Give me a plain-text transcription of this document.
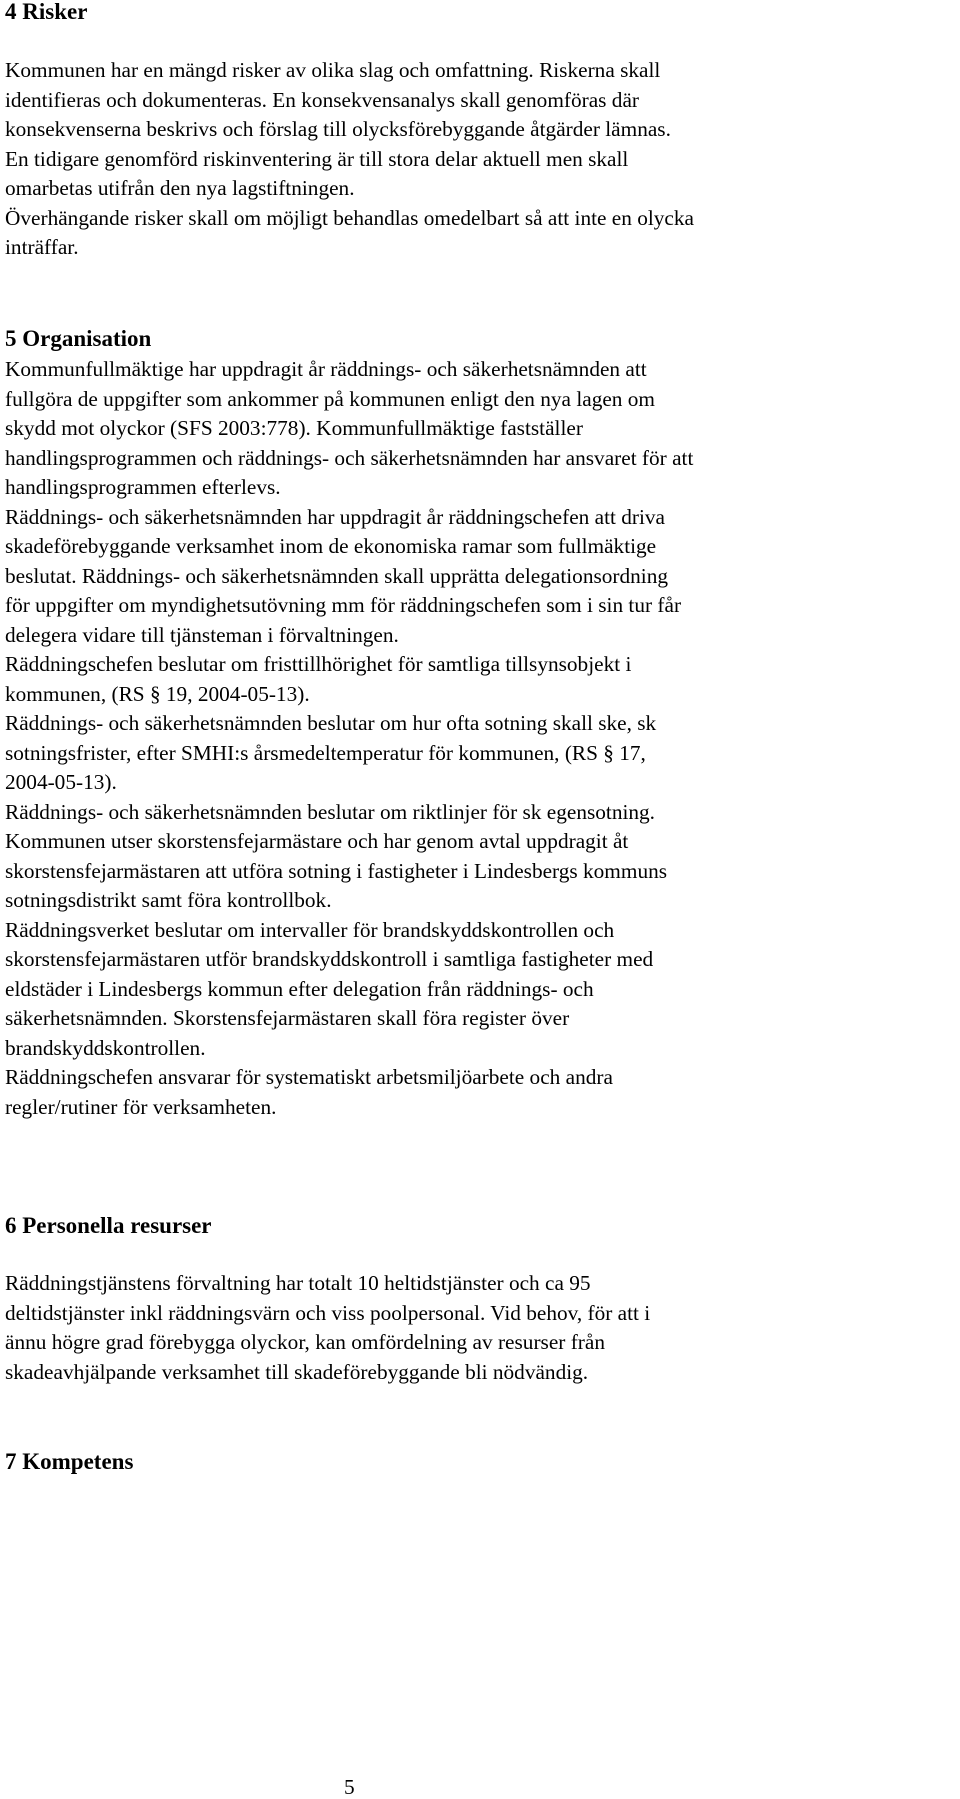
4 Risker

Kommunen har en mängd risker av olika slag och omfattning. Riskerna skall
identifieras och dokumenteras. En konsekvensanalys skall genomföras där
konsekvenserna beskrivs och förslag till olycksförebyggande åtgärder lämnas.
En tidigare genomförd riskinventering är till stora delar aktuell men skall
omarbetas utifrån den nya lagstiftningen.
Överhängande risker skall om möjligt behandlas omedelbart så att inte en olycka
inträffar.

5 Organisation

Kommunfullmäktige har uppdragit år räddnings- och säkerhetsnämnden att
fullgöra de uppgifter som ankommer på kommunen enligt den nya lagen om
skydd mot olyckor (SFS 2003:778). Kommunfullmäktige fastställer
handlingsprogrammen och räddnings- och säkerhetsnämnden har ansvaret för att
handlingsprogrammen efterlevs.
Räddnings- och säkerhetsnämnden har uppdragit år räddningschefen att driva
skadeförebyggande verksamhet inom de ekonomiska ramar som fullmäktige
beslutat. Räddnings- och säkerhetsnämnden skall upprätta delegationsordning
för uppgifter om myndighetsutövning mm för räddningschefen som i sin tur får
delegera vidare till tjänsteman i förvaltningen.
Räddningschefen beslutar om fristtillhörighet för samtliga tillsynsobjekt i
kommunen, (RS § 19, 2004-05-13).
Räddnings- och säkerhetsnämnden beslutar om hur ofta sotning skall ske, sk
sotningsfrister, efter SMHI:s årsmedeltemperatur för kommunen, (RS § 17,
2004-05-13).
Räddnings- och säkerhetsnämnden beslutar om riktlinjer för sk egensotning.
Kommunen utser skorstensfejarmästare och har genom avtal uppdragit åt
skorstensfejarmästaren att utföra sotning i fastigheter i Lindesbergs kommuns
sotningsdistrikt samt föra kontrollbok.
Räddningsverket beslutar om intervaller för brandskyddskontrollen och
skorstensfejarmästaren utför brandskyddskontroll i samtliga fastigheter med
eldstäder i Lindesbergs kommun efter delegation från räddnings- och
säkerhetsnämnden. Skorstensfejarmästaren skall föra register över
brandskyddskontrollen.
Räddningschefen ansvarar för systematiskt arbetsmiljöarbete och andra
regler/rutiner för verksamheten.

6 Personella resurser

Räddningstjänstens förvaltning har totalt 10 heltidstjänster och ca 95
deltidstjänster inkl räddningsvärn och viss poolpersonal. Vid behov, för att i
ännu högre grad förebygga olyckor, kan omfördelning av resurser från
skadeavhjälpande verksamhet till skadeförebyggande bli nödvändig.

7 Kompetens
5
